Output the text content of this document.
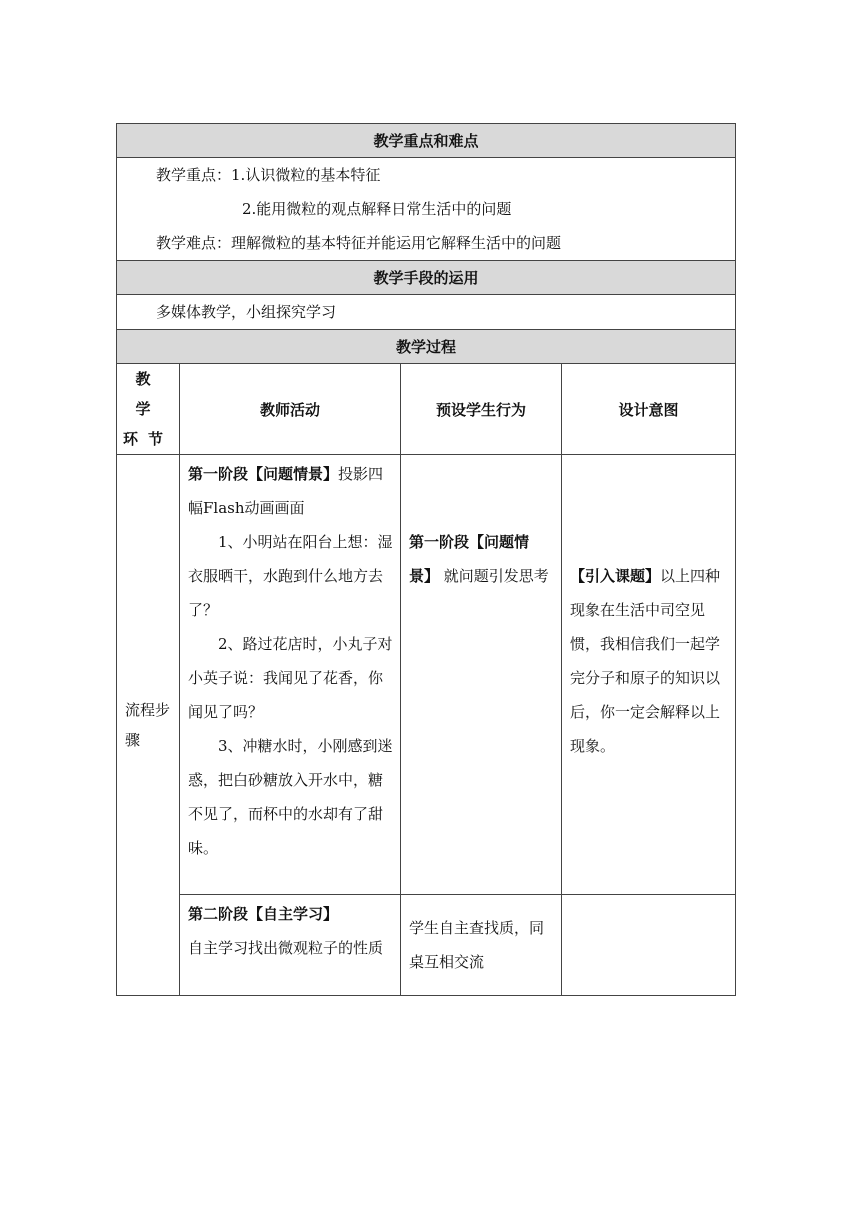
教学重点和难点			

教学重点：1.认识微粒的基本特征
2.能用微粒的观点解释日常生活中的问题
教学难点：理解微粒的基本特征并能运用它解释生活中的问题			

教学手段的运用			
多媒体教学，小组探究学习			
教学过程			
教 学 环节	教师活动	预设学生行为	设计意图
流程步骤	第一阶段【问题情景】投影四幅Flash动画画面
1、小明站在阳台上想：湿衣服晒干，水跑到什么地方去了？
2、路过花店时，小丸子对小英子说：我闻见了花香，你闻见了吗？
3、冲糖水时，小刚感到迷惑，把白砂糖放入开水中，糖不见了，而杯中的水却有了甜味。	第一阶段【问题情景】 就问题引发思考	【引入课题】以上四种现象在生活中司空见惯，我相信我们一起学完分子和原子的知识以后，你一定会解释以上现象。

	第二阶段【自主学习】
自主学习找出微观粒子的性质	学生自主查找质，同桌互相交流	
